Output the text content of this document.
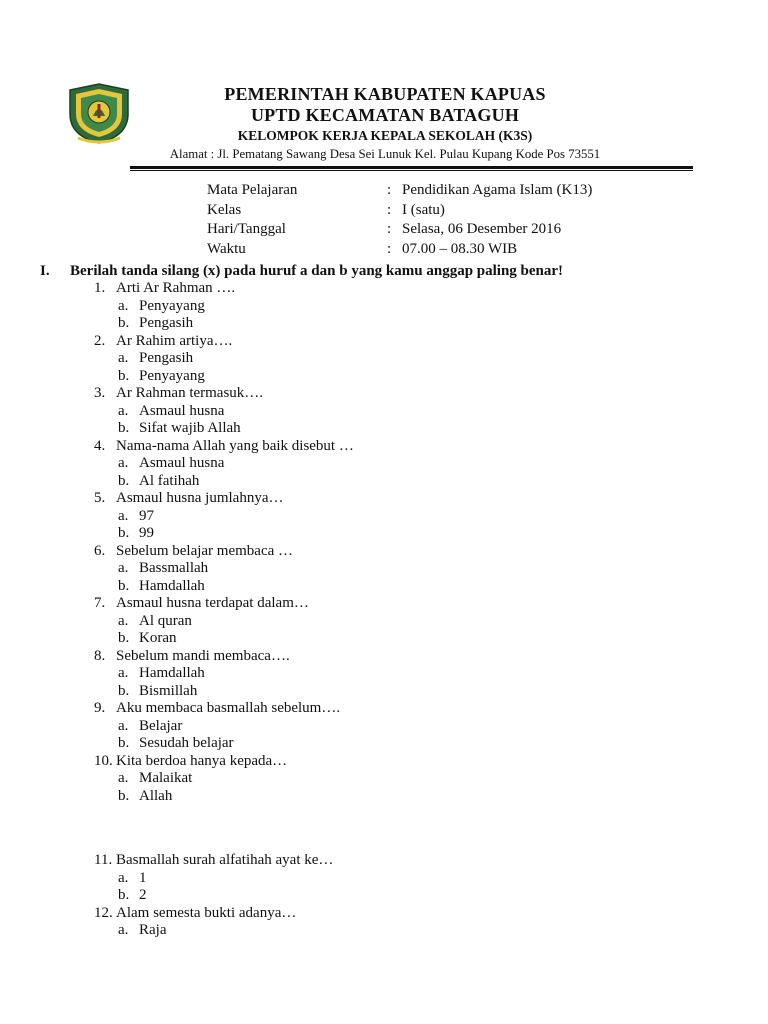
PEMERINTAH KABUPATEN KAPUAS
UPTD KECAMATAN BATAGUH
KELOMPOK KERJA KEPALA SEKOLAH (K3S)
Alamat : Jl. Pematang Sawang Desa Sei Lunuk Kel. Pulau Kupang Kode Pos 73551
Mata Pelajaran	: Pendidikan Agama Islam (K13)
Kelas	: I (satu)
Hari/Tanggal	: Selasa, 06 Desember 2016
Waktu	: 07.00 – 08.30 WIB
I. Berilah tanda silang (x) pada huruf a dan b yang kamu anggap paling benar!
1. Arti Ar Rahman ….
a. Penyayang
b. Pengasih
2. Ar Rahim artiya….
a. Pengasih
b. Penyayang
3. Ar Rahman termasuk….
a. Asmaul husna
b. Sifat wajib Allah
4. Nama-nama Allah yang baik disebut …
a. Asmaul husna
b. Al fatihah
5. Asmaul husna jumlahnya…
a. 97
b. 99
6. Sebelum belajar membaca …
a. Bassmallah
b. Hamdallah
7. Asmaul husna terdapat dalam…
a. Al quran
b. Koran
8. Sebelum mandi membaca….
a. Hamdallah
b. Bismillah
9. Aku membaca basmallah sebelum….
a. Belajar
b. Sesudah belajar
10. Kita berdoa hanya kepada…
a. Malaikat
b. Allah
11. Basmallah surah alfatihah ayat ke…
a. 1
b. 2
12. Alam semesta bukti adanya…
a. Raja
